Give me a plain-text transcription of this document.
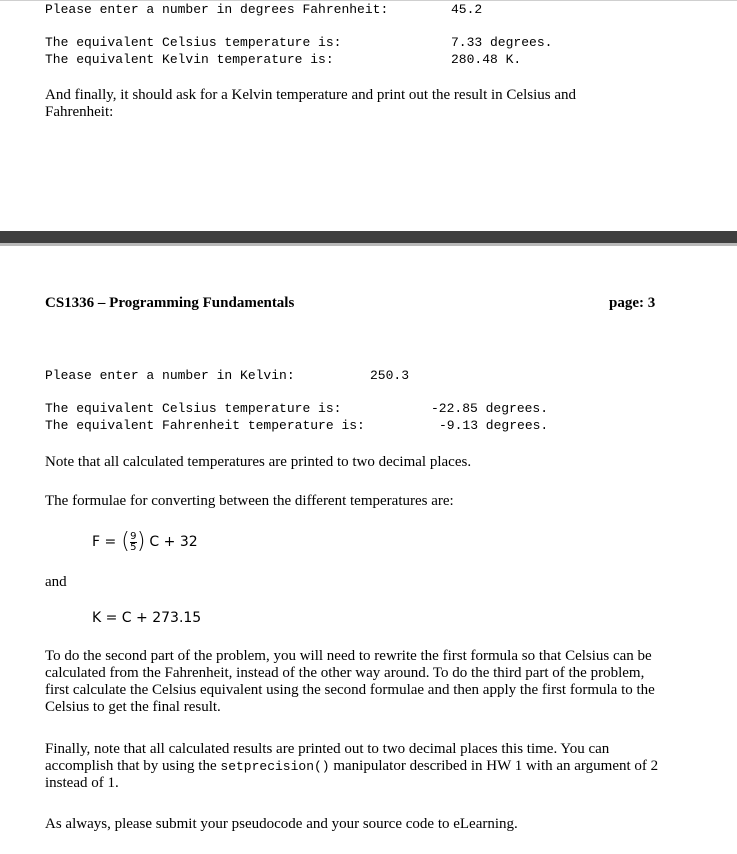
Please enter a number in degrees Fahrenheit:	45.2
The equivalent Celsius temperature is:	7.33 degrees.
The equivalent Kelvin temperature is:	280.48 K.
And finally, it should ask for a Kelvin temperature and print out the result in Celsius and Fahrenheit:
CS1336 – Programming Fundamentals	page: 3
Please enter a number in Kelvin:	250.3
The equivalent Celsius temperature is:	-22.85 degrees.
The equivalent Fahrenheit temperature is:	-9.13 degrees.
Note that all calculated temperatures are printed to two decimal places.
The formulae for converting between the different temperatures are:
F = ( 9
5 ) C + 32
and
K = C + 273.15
To do the second part of the problem, you will need to rewrite the first formula so that Celsius can be calculated from the Fahrenheit, instead of the other way around. To do the third part of the problem, first calculate the Celsius equivalent using the second formulae and then apply the first formula to the Celsius to get the final result.
Finally, note that all calculated results are printed out to two decimal places this time. You can accomplish that by using the setprecision() manipulator described in HW 1 with an argument of 2 instead of 1.
As always, please submit your pseudocode and your source code to eLearning.
